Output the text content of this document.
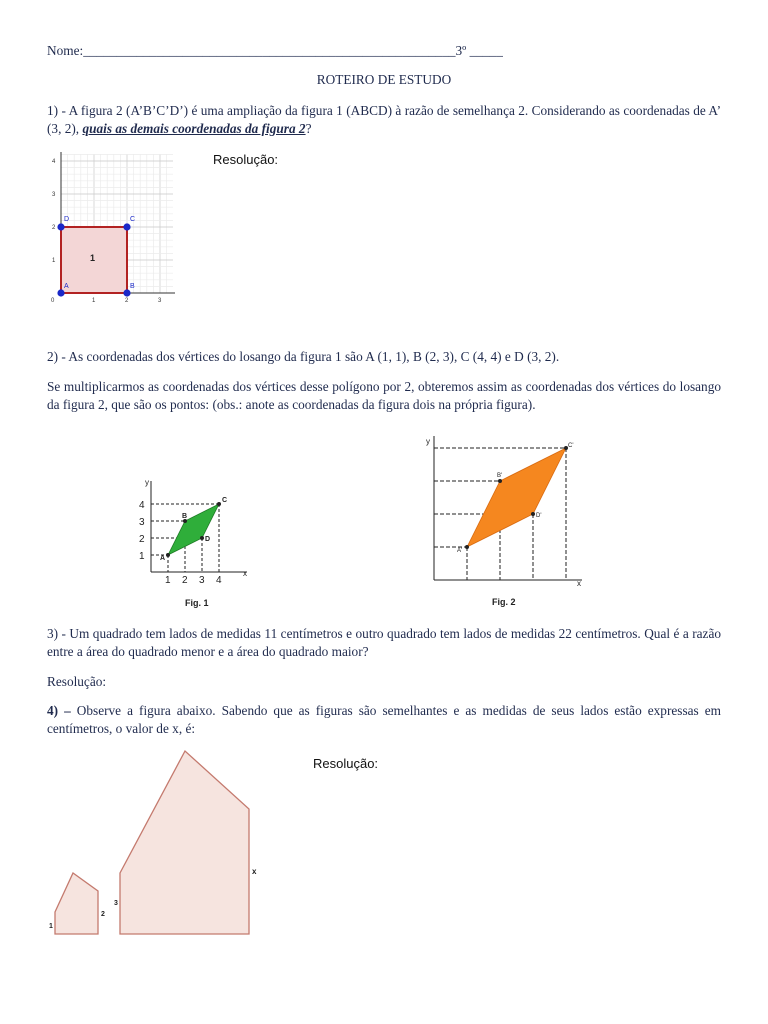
Nome:________________________________________________________3º _____
ROTEIRO DE ESTUDO
1) - A figura 2 (A’B’C’D’) é uma ampliação da figura 1 (ABCD) à razão de semelhança 2. Considerando as coordenadas de A’ (3, 2), quais as demais coordenadas da figura 2?
Resolução:
1
A	B
C
D
0	1	2	3
1
2
3
4
2) - As coordenadas dos vértices do losango da figura 1 são A (1, 1), B (2, 3), C (4, 4) e D (3, 2).
Se multiplicarmos as coordenadas dos vértices desse polígono por 2, obteremos assim as coordenadas dos vértices do losango da figura 2, que são os pontos: (obs.: anote as coordenadas da figura dois na própria figura).
x
y
A
B
C
D
1 2 3 4
1
2
3
4
Fig. 1
x
y
A'
B'
C'
D'
Fig. 2
3) - Um quadrado tem lados de medidas 11 centímetros e outro quadrado tem lados de medidas 22 centímetros. Qual é a razão entre a área do quadrado menor e a área do quadrado maior?
Resolução:
4) – Observe a figura abaixo. Sabendo que as figuras são semelhantes e as medidas de seus lados estão expressas em centímetros, o valor de x, é:
Resolução:
1
2
3
x
